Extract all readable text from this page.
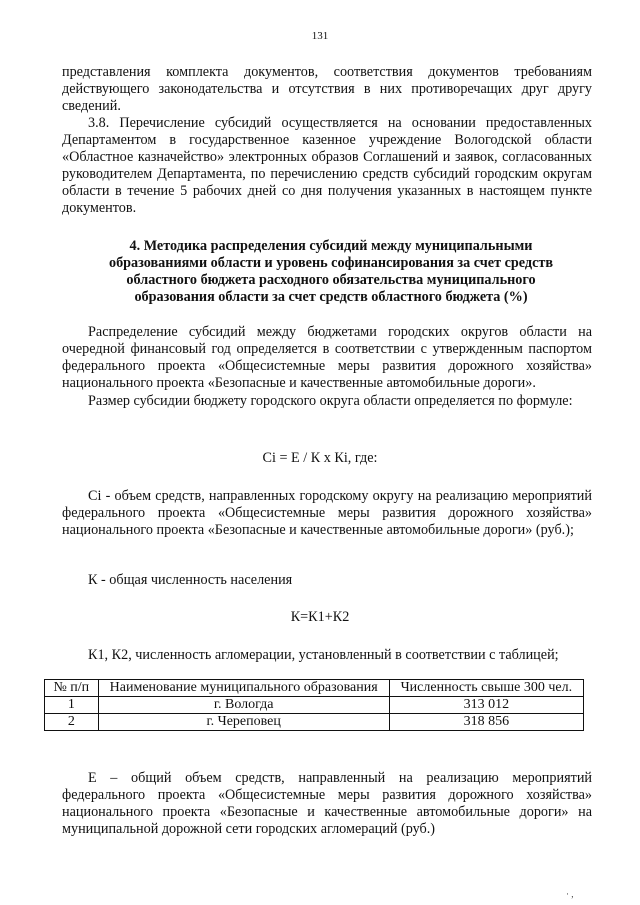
131

представления комплекта документов, соответствия документов требованиям действующего законодательства и отсутствия в них противоречащих друг другу сведений.

3.8. Перечисление субсидий осуществляется на основании предоставленных Департаментом в государственное казенное учреждение Вологодской области «Областное казначейство» электронных образов Соглашений и заявок, согласованных руководителем Департамента, по перечислению средств субсидий городским округам области в течение 5 рабочих дней со дня получения указанных в настоящем пункте документов.

4. Методика распределения субсидий между муниципальными образованиями области и уровень софинансирования за счет средств областного бюджета расходного обязательства муниципального образования области за счет средств областного бюджета (%)

Распределение субсидий между бюджетами городских округов области на очередной финансовый год определяется в соответствии с утвержденным паспортом федерального проекта «Общесистемные меры развития дорожного хозяйства» национального проекта «Безопасные и качественные автомобильные дороги».

Размер субсидии бюджету городского округа области определяется по формуле:

Сi = Е / К х Кi, где:

Сi - объем средств, направленных городскому округу на реализацию мероприятий федерального проекта «Общесистемные меры развития дорожного хозяйства» национального проекта «Безопасные и качественные автомобильные дороги» (руб.);

К - общая численность населения

К=К1+К2

К1, К2, численность агломерации, установленный в соответствии с таблицей;

№ п/п	Наименование муниципального образования	Численность свыше 300 чел.
1	г. Вологда	313 012
2	г. Череповец	318 856

Е – общий объем средств, направленный на реализацию мероприятий федерального проекта «Общесистемные меры развития дорожного хозяйства» национального проекта «Безопасные и качественные автомобильные дороги» на муниципальной дорожной сети городских агломераций (руб.)

· ,
